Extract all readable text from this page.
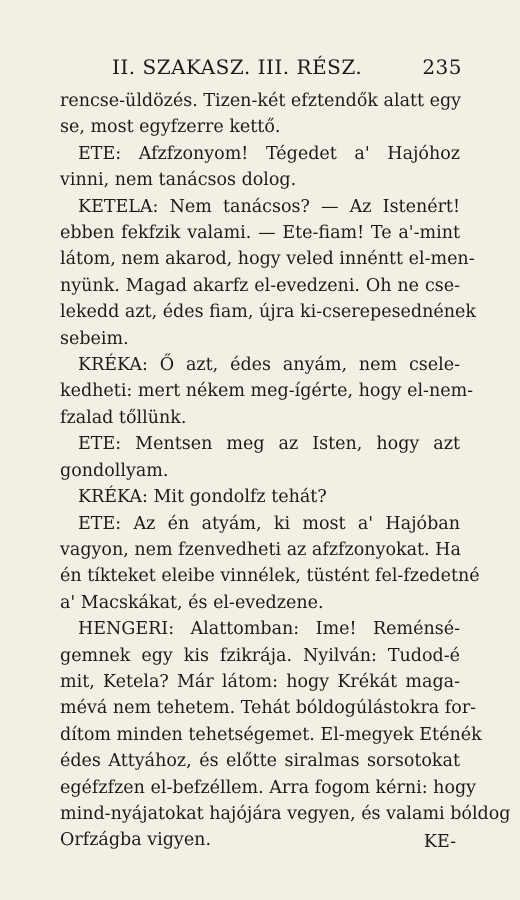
II. SZAKASZ. III. RÉSZ.	235
rencse-üldözés. Tizen-két efztendők alatt egy
se, most egyfzerre kettő.
ETE: Afzfzonyom! Tégedet a' Hajóhoz
vinni, nem tanácsos dolog.
KETELA: Nem tanácsos? — Az Istenért!
ebben fekfzik valami. — Ete-fiam! Te a'-mint
látom, nem akarod, hogy veled innéntt el-men-
nyünk. Magad akarfz el-evedzeni. Oh ne cse-
lekedd azt, édes fiam, újra ki-cserepesednének
sebeim.
KRÉKA: Ő azt, édes anyám, nem csele-
kedheti: mert nékem meg-ígérte, hogy el-nem-
fzalad tőllünk.
ETE: Mentsen meg az Isten, hogy azt
gondollyam.
KRÉKA: Mit gondolfz tehát?
ETE: Az én atyám, ki most a' Hajóban
vagyon, nem fzenvedheti az afzfzonyokat. Ha
én tíkteket eleibe vinnélek, tüstént fel-fzedetné
a' Macskákat, és el-evedzene.
HENGERI: Alattomban: Ime! Reménsé-
gemnek egy kis fzikrája. Nyilván: Tudod-é
mit, Ketela? Már látom: hogy Krékát maga-
mévá nem tehetem. Tehát bóldogúlástokra for-
dítom minden tehetségemet. El-megyek Eténék
édes Attyához, és előtte siralmas sorsotokat
egéfzfzen el-befzéllem. Arra fogom kérni: hogy
mind-nyájatokat hajójára vegyen, és valami bóldog
Orfzágba vigyen.	KE-
